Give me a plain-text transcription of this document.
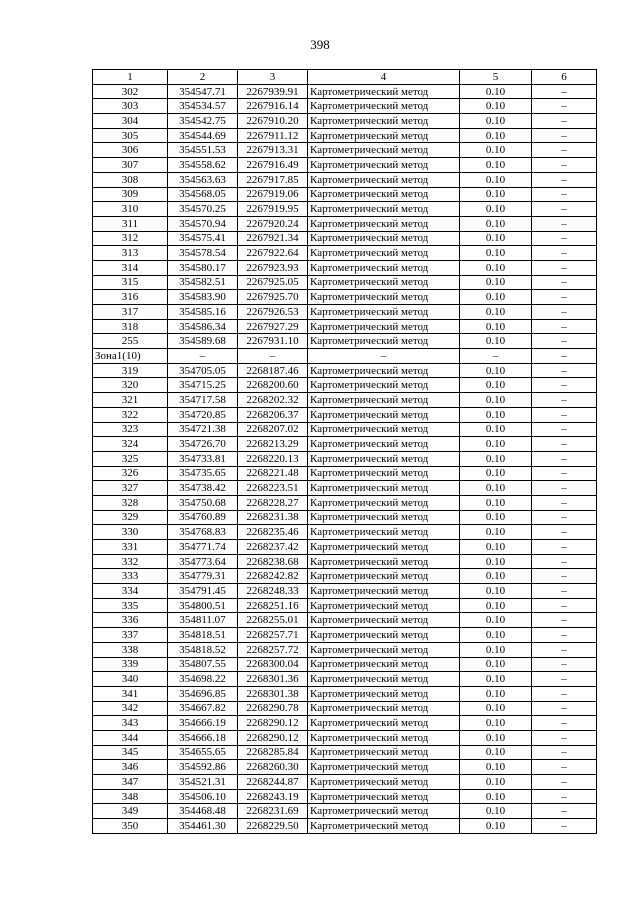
398
1	2	3	4	5	6
302	354547.71	2267939.91	Картометрический метод	0.10	–
303	354534.57	2267916.14	Картометрический метод	0.10	–
304	354542.75	2267910.20	Картометрический метод	0.10	–
305	354544.69	2267911.12	Картометрический метод	0.10	–
306	354551.53	2267913.31	Картометрический метод	0.10	–
307	354558.62	2267916.49	Картометрический метод	0.10	–
308	354563.63	2267917.85	Картометрический метод	0.10	–
309	354568.05	2267919.06	Картометрический метод	0.10	–
310	354570.25	2267919.95	Картометрический метод	0.10	–
311	354570.94	2267920.24	Картометрический метод	0.10	–
312	354575.41	2267921.34	Картометрический метод	0.10	–
313	354578.54	2267922.64	Картометрический метод	0.10	–
314	354580.17	2267923.93	Картометрический метод	0.10	–
315	354582.51	2267925.05	Картометрический метод	0.10	–
316	354583.90	2267925.70	Картометрический метод	0.10	–
317	354585.16	2267926.53	Картометрический метод	0.10	–
318	354586.34	2267927.29	Картометрический метод	0.10	–
255	354589.68	2267931.10	Картометрический метод	0.10	–
Зона1(10)	–	–	–	–	–
319	354705.05	2268187.46	Картометрический метод	0.10	–
320	354715.25	2268200.60	Картометрический метод	0.10	–
321	354717.58	2268202.32	Картометрический метод	0.10	–
322	354720.85	2268206.37	Картометрический метод	0.10	–
323	354721.38	2268207.02	Картометрический метод	0.10	–
324	354726.70	2268213.29	Картометрический метод	0.10	–
325	354733.81	2268220.13	Картометрический метод	0.10	–
326	354735.65	2268221.48	Картометрический метод	0.10	–
327	354738.42	2268223.51	Картометрический метод	0.10	–
328	354750.68	2268228.27	Картометрический метод	0.10	–
329	354760.89	2268231.38	Картометрический метод	0.10	–
330	354768.83	2268235.46	Картометрический метод	0.10	–
331	354771.74	2268237.42	Картометрический метод	0.10	–
332	354773.64	2268238.68	Картометрический метод	0.10	–
333	354779.31	2268242.82	Картометрический метод	0.10	–
334	354791.45	2268248.33	Картометрический метод	0.10	–
335	354800.51	2268251.16	Картометрический метод	0.10	–
336	354811.07	2268255.01	Картометрический метод	0.10	–
337	354818.51	2268257.71	Картометрический метод	0.10	–
338	354818.52	2268257.72	Картометрический метод	0.10	–
339	354807.55	2268300.04	Картометрический метод	0.10	–
340	354698.22	2268301.36	Картометрический метод	0.10	–
341	354696.85	2268301.38	Картометрический метод	0.10	–
342	354667.82	2268290.78	Картометрический метод	0.10	–
343	354666.19	2268290.12	Картометрический метод	0.10	–
344	354666.18	2268290.12	Картометрический метод	0.10	–
345	354655.65	2268285.84	Картометрический метод	0.10	–
346	354592.86	2268260.30	Картометрический метод	0.10	–
347	354521.31	2268244.87	Картометрический метод	0.10	–
348	354506.10	2268243.19	Картометрический метод	0.10	–
349	354468.48	2268231.69	Картометрический метод	0.10	–
350	354461.30	2268229.50	Картометрический метод	0.10	–
